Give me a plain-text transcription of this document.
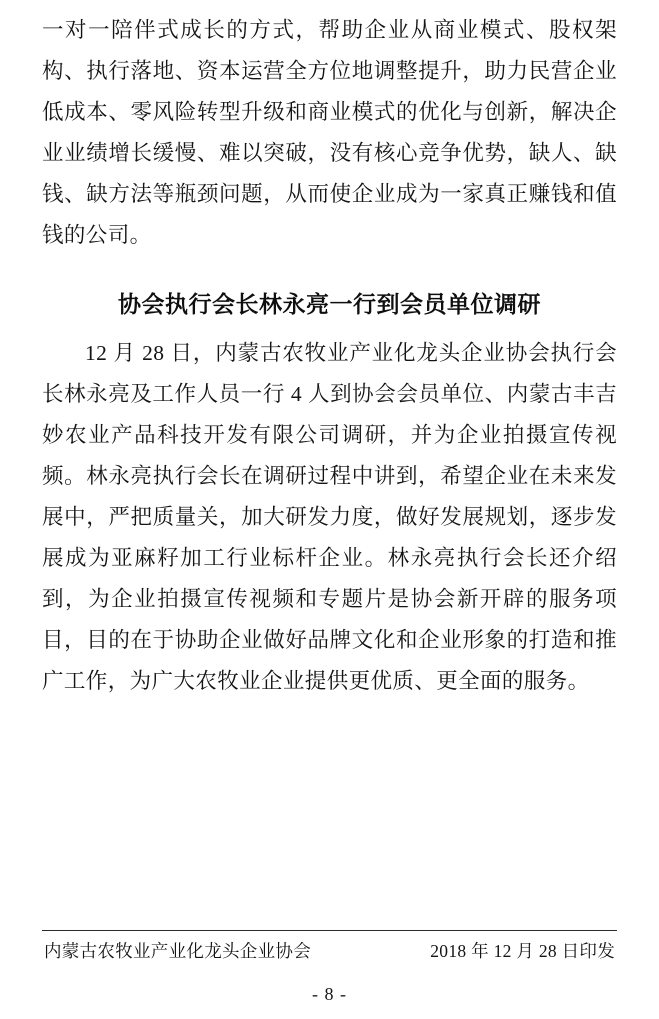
一对一陪伴式成长的方式，帮助企业从商业模式、股权架构、执行落地、资本运营全方位地调整提升，助力民营企业低成本、零风险转型升级和商业模式的优化与创新，解决企业业绩增长缓慢、难以突破，没有核心竞争优势，缺人、缺钱、缺方法等瓶颈问题，从而使企业成为一家真正赚钱和值钱的公司。

协会执行会长林永亮一行到会员单位调研

12 月 28 日，内蒙古农牧业产业化龙头企业协会执行会长林永亮及工作人员一行 4 人到协会会员单位、内蒙古丰吉妙农业产品科技开发有限公司调研，并为企业拍摄宣传视频。林永亮执行会长在调研过程中讲到，希望企业在未来发展中，严把质量关，加大研发力度，做好发展规划，逐步发展成为亚麻籽加工行业标杆企业。林永亮执行会长还介绍到，为企业拍摄宣传视频和专题片是协会新开辟的服务项目，目的在于协助企业做好品牌文化和企业形象的打造和推广工作，为广大农牧业企业提供更优质、更全面的服务。

内蒙古农牧业产业化龙头企业协会	2018 年 12 月 28 日印发
- 8 -
